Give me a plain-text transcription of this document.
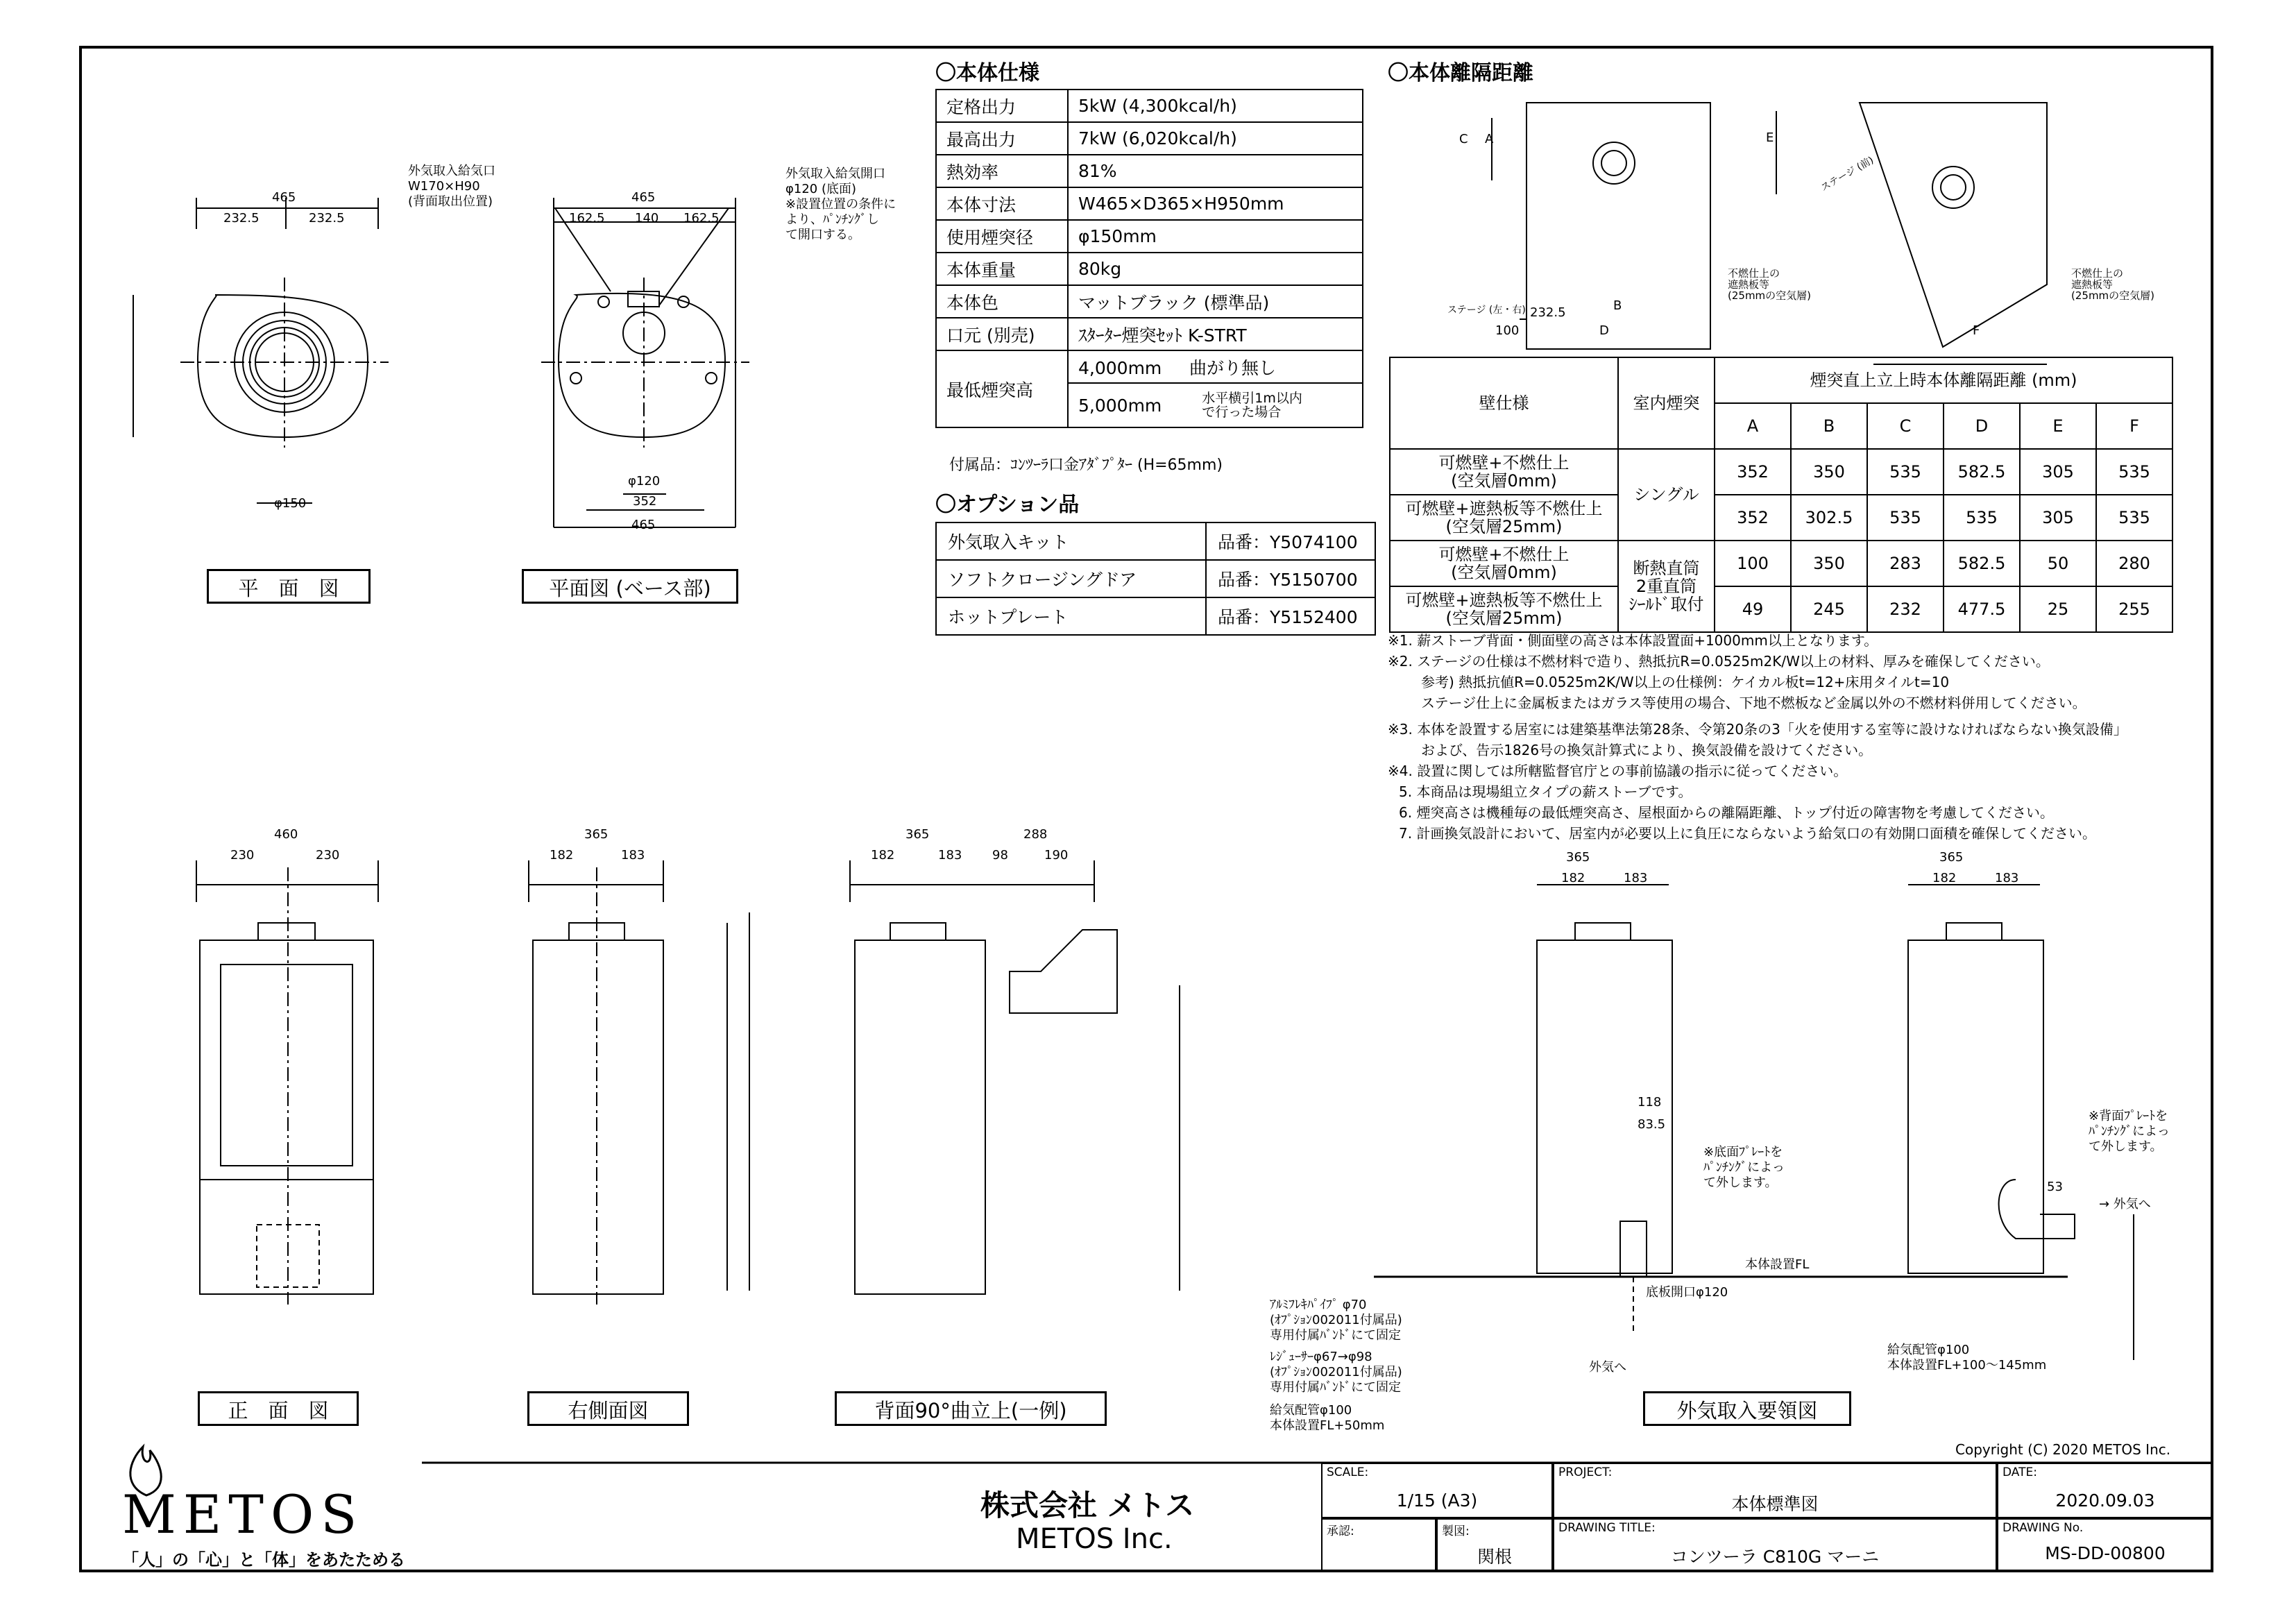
〇本体仕様
〇オプション品
〇本体離隔距離
定格出力	5kW (4,300kcal/h)
最高出力	7kW (6,020kcal/h)
熱効率	81%
本体寸法	W465×D365×H950mm
使用煙突径	φ150mm
本体重量	80kg
本体色	マットブラック (標準品)
口元 (別売)	ｽﾀｰﾀｰ煙突ｾｯﾄ K-STRT
最低煙突高	4,000mm 曲がり無し
	5,000mm 水平横引1m以内
で行った場合
付属品：ｺﾝﾂｰﾗ口金ｱﾀﾞﾌﾟﾀｰ (H=65mm)
外気取入キット	品番：Y5074100
ソフトクロージングドア	品番：Y5150700
ホットプレート	品番：Y5152400
壁仕様	室内煙突	煙突直上立上時本体離隔距離 (mm)					
		A	B	C	D	E	F
可燃壁+不燃仕上
(空気層0mm)	シングル	352	350	535	582.5	305	535
可燃壁+遮熱板等不燃仕上
(空気層25mm)		352	302.5	535	535	305	535
可燃壁+不燃仕上
(空気層0mm)	断熱直筒
2重直筒
ｼｰﾙﾄﾞ取付	100	350	283	582.5	50	280
可燃壁+遮熱板等不燃仕上
(空気層25mm)		49	245	232	477.5	25	255
※1. 薪ストーブ背面・側面壁の高さは本体設置面+1000mm以上となります。
※2. ステージの仕様は不燃材料で造り、熱抵抗R=0.0525m2K/W以上の材料、厚みを確保してください。
参考) 熱抵抗値R=0.0525m2K/W以上の仕様例：ケイカル板t=12+床用タイルt=10
ステージ仕上に金属板またはガラス等使用の場合、下地不燃板など金属以外の不燃材料併用してください。
※3. 本体を設置する居室には建築基準法第28条、令第20条の3「火を使用する室等に設けなければならない換気設備」
および、告示1826号の換気計算式により、換気設備を設けてください。
※4. 設置に関しては所轄監督官庁との事前協議の指示に従ってください。
5. 本商品は現場組立タイプの薪ストーブです。
6. 煙突高さは機種毎の最低煙突高さ、屋根面からの離隔距離、トップ付近の障害物を考慮してください。
7. 計画換気設計において、居室内が必要以上に負圧にならないよう給気口の有効開口面積を確保してください。
平　面　図	平面図 (ベース部)
正　面　図	右側面図	背面90°曲立上(一例)	外気取入要領図
外気取入給気口
W170×H90
(背面取出位置)
外気取入給気開口
φ120 (底面)
※設置位置の条件に
より、ﾊﾟﾝﾁﾝｸﾞし
て開口する。
※底面ﾌﾟﾚｰﾄを
ﾊﾟﾝﾁﾝｸﾞによっ
て外します。
※背面ﾌﾟﾚｰﾄを
ﾊﾟﾝﾁﾝｸﾞによっ
て外します。
本体設置FL
底板開口φ120
外気へ
→ 外気へ
ｱﾙﾐﾌﾚｷﾊﾟｲﾌﾟ φ70
(ｵﾌﾟｼｮﾝ002011付属品)
専用付属ﾊﾞﾝﾄﾞにて固定
ﾚｼﾞｭｰｻｰφ67→φ98
(ｵﾌﾟｼｮﾝ002011付属品)
専用付属ﾊﾞﾝﾄﾞにて固定
給気配管φ100
本体設置FL+50mm
給気配管φ100
本体設置FL+100～145mm
不燃仕上の
遮熱板等
(25mmの空気層)
不燃仕上の
遮熱板等
(25mmの空気層)
ステージ (左・右)
ステージ (前)
465
232.5	232.5
φ150
465
162.5 140 162.5
φ120
352
465
460
230	230
365
182	183
365
182	183
288
98	190	365
182	183
365
182	183
118
83.5
53
B
232.5
D
100	F
C A	E
SCALE:
1/15 (A3)
PROJECT:
本体標準図
DATE:
2020.09.03
承認:	製図:
関根
DRAWING TITLE:
コンツーラ C810G マーニ
DRAWING No.
MS-DD-00800
株式会社 メトス
METOS Inc.
Copyright (C) 2020 METOS Inc.
METOS
「人」の「心」と「体」をあたためる
